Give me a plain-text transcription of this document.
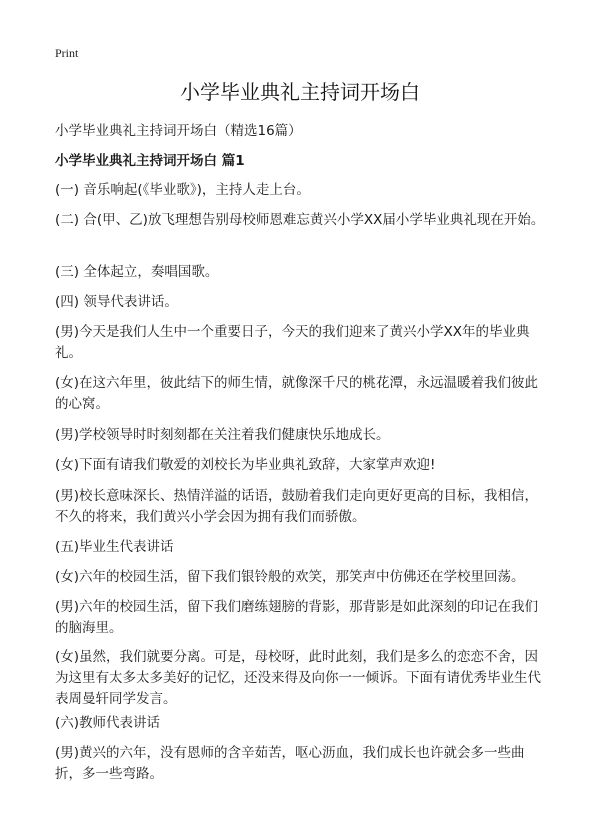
Print
小学毕业典礼主持词开场白
小学毕业典礼主持词开场白（精选16篇）
小学毕业典礼主持词开场白 篇1
(一) 音乐响起(《毕业歌》)，主持人走上台。
(二) 合(甲、乙)放飞理想告别母校师恩难忘黄兴小学XX届小学毕业典礼现在开始。
(三) 全体起立，奏唱国歌。
(四) 领导代表讲话。
(男)今天是我们人生中一个重要日子，今天的我们迎来了黄兴小学XX年的毕业典礼。
(女)在这六年里，彼此结下的师生情，就像深千尺的桃花潭，永远温暖着我们彼此的心窝。
(男)学校领导时时刻刻都在关注着我们健康快乐地成长。
(女)下面有请我们敬爱的刘校长为毕业典礼致辞，大家掌声欢迎!
(男)校长意味深长、热情洋溢的话语，鼓励着我们走向更好更高的目标，我相信，不久的将来，我们黄兴小学会因为拥有我们而骄傲。
(五)毕业生代表讲话
(女)六年的校园生活，留下我们银铃般的欢笑，那笑声中仿佛还在学校里回荡。
(男)六年的校园生活，留下我们磨练翅膀的背影，那背影是如此深刻的印记在我们的脑海里。
(女)虽然，我们就要分离。可是，母校呀，此时此刻，我们是多么的恋恋不舍，因为这里有太多太多美好的记忆，还没来得及向你一一倾诉。下面有请优秀毕业生代表周曼轩同学发言。
(六)教师代表讲话
(男)黄兴的六年，没有恩师的含辛茹苦，呕心沥血，我们成长也许就会多一些曲折，多一些弯路。
